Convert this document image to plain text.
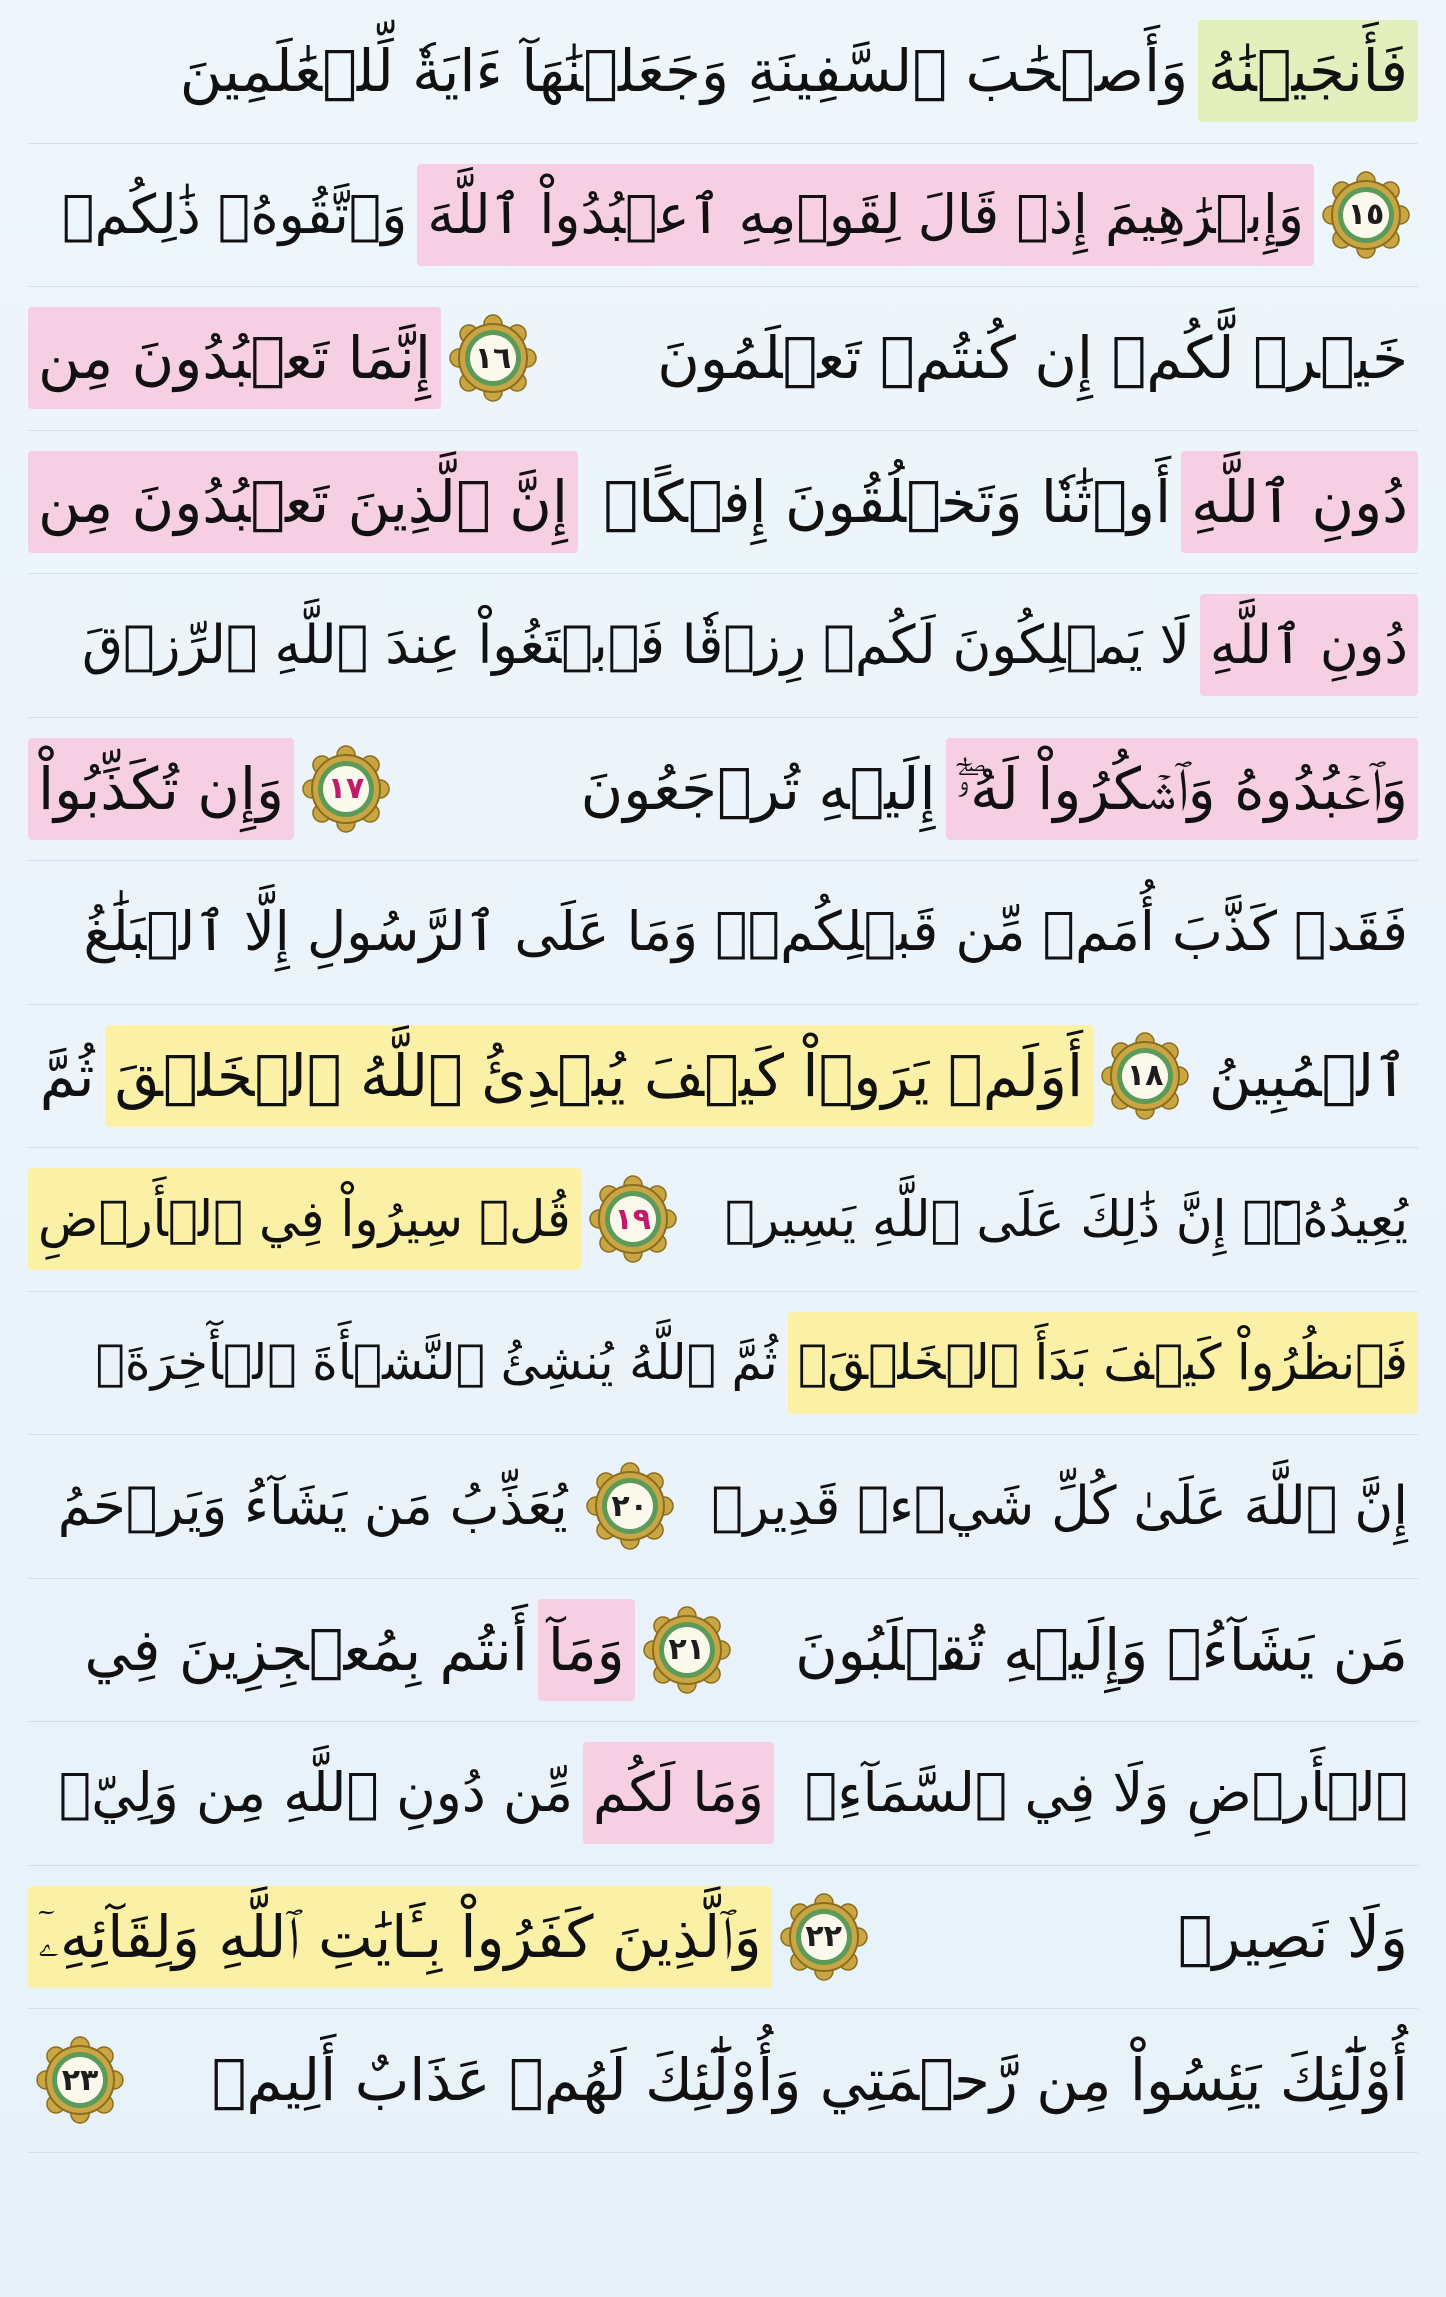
فَأَنجَيۡنَٰهُ
وَأَصۡحَٰبَ ٱلسَّفِينَةِ وَجَعَلۡنَٰهَآ ءَايَةٗ لِّلۡعَٰلَمِينَ
١٥
وَإِبۡرَٰهِيمَ إِذۡ قَالَ لِقَوۡمِهِ ٱعۡبُدُواْ ٱللَّهَ
وَٱتَّقُوهُۖ ذَٰلِكُمۡ
خَيۡرٞ لَّكُمۡ إِن كُنتُمۡ تَعۡلَمُونَ
١٦
إِنَّمَا تَعۡبُدُونَ مِن
دُونِ ٱللَّهِ
أَوۡثَٰنٗا وَتَخۡلُقُونَ إِفۡكًاۚ
إِنَّ ٱلَّذِينَ تَعۡبُدُونَ مِن
دُونِ ٱللَّهِ
لَا يَمۡلِكُونَ لَكُمۡ رِزۡقٗا فَٱبۡتَغُواْ عِندَ ٱللَّهِ ٱلرِّزۡقَ
وَٱعۡبُدُوهُ وَٱشۡكُرُواْ لَهُۥٓۖ
إِلَيۡهِ تُرۡجَعُونَ
١٧
وَإِن تُكَذِّبُواْ
فَقَدۡ كَذَّبَ أُمَمٞ مِّن قَبۡلِكُمۡۖ وَمَا عَلَى ٱلرَّسُولِ إِلَّا ٱلۡبَلَٰغُ
ٱلۡمُبِينُ
١٨
أَوَلَمۡ يَرَوۡاْ كَيۡفَ يُبۡدِئُ ٱللَّهُ ٱلۡخَلۡقَ
ثُمَّ
يُعِيدُهُۥٓۚ إِنَّ ذَٰلِكَ عَلَى ٱللَّهِ يَسِيرٞ
١٩
قُلۡ سِيرُواْ فِي ٱلۡأَرۡضِ
فَٱنظُرُواْ كَيۡفَ بَدَأَ ٱلۡخَلۡقَۚ
ثُمَّ ٱللَّهُ يُنشِئُ ٱلنَّشۡأَةَ ٱلۡأٓخِرَةَۚ
إِنَّ ٱللَّهَ عَلَىٰ كُلِّ شَيۡءٖ قَدِيرٞ
٢٠
يُعَذِّبُ مَن يَشَآءُ وَيَرۡحَمُ
مَن يَشَآءُۖ وَإِلَيۡهِ تُقۡلَبُونَ
٢١
وَمَآ
أَنتُم بِمُعۡجِزِينَ فِي
ٱلۡأَرۡضِ وَلَا فِي ٱلسَّمَآءِۖ
وَمَا لَكُم
مِّن دُونِ ٱللَّهِ مِن وَلِيّٖ
وَلَا نَصِيرٖ
٢٢
وَٱلَّذِينَ كَفَرُواْ بِـَٔايَٰتِ ٱللَّهِ وَلِقَآئِهِۦٓ
أُوْلَٰٓئِكَ يَئِسُواْ مِن رَّحۡمَتِي وَأُوْلَٰٓئِكَ لَهُمۡ عَذَابٌ أَلِيمٞ
٢٣
